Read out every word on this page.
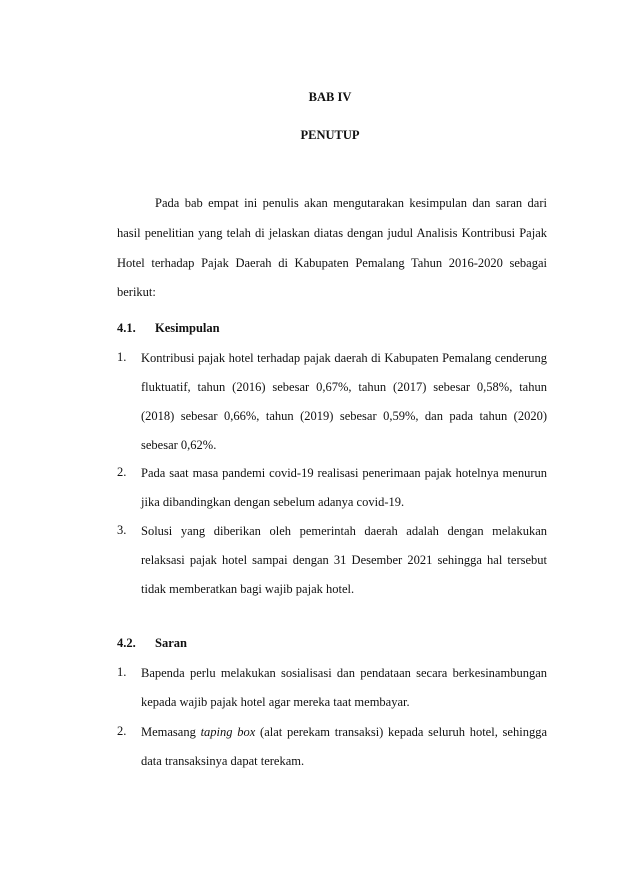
BAB IV
PENUTUP
Pada bab empat ini penulis akan mengutarakan kesimpulan dan saran dari
hasil penelitian yang telah di jelaskan diatas dengan judul Analisis Kontribusi Pajak
Hotel terhadap Pajak Daerah di Kabupaten Pemalang Tahun 2016-2020 sebagai
berikut:
4.1. Kesimpulan
1. Kontribusi pajak hotel terhadap pajak daerah di Kabupaten Pemalang cenderung
fluktuatif, tahun (2016) sebesar 0,67%, tahun (2017) sebesar 0,58%, tahun
(2018) sebesar 0,66%, tahun (2019) sebesar 0,59%, dan pada tahun (2020)
sebesar 0,62%.
2. Pada saat masa pandemi covid-19 realisasi penerimaan pajak hotelnya menurun
jika dibandingkan dengan sebelum adanya covid-19.
3. Solusi yang diberikan oleh pemerintah daerah adalah dengan melakukan
relaksasi pajak hotel sampai dengan 31 Desember 2021 sehingga hal tersebut
tidak memberatkan bagi wajib pajak hotel.
4.2. Saran
1. Bapenda perlu melakukan sosialisasi dan pendataan secara berkesinambungan
kepada wajib pajak hotel agar mereka taat membayar.
2. Memasang taping box (alat perekam transaksi) kepada seluruh hotel, sehingga
data transaksinya dapat terekam.
